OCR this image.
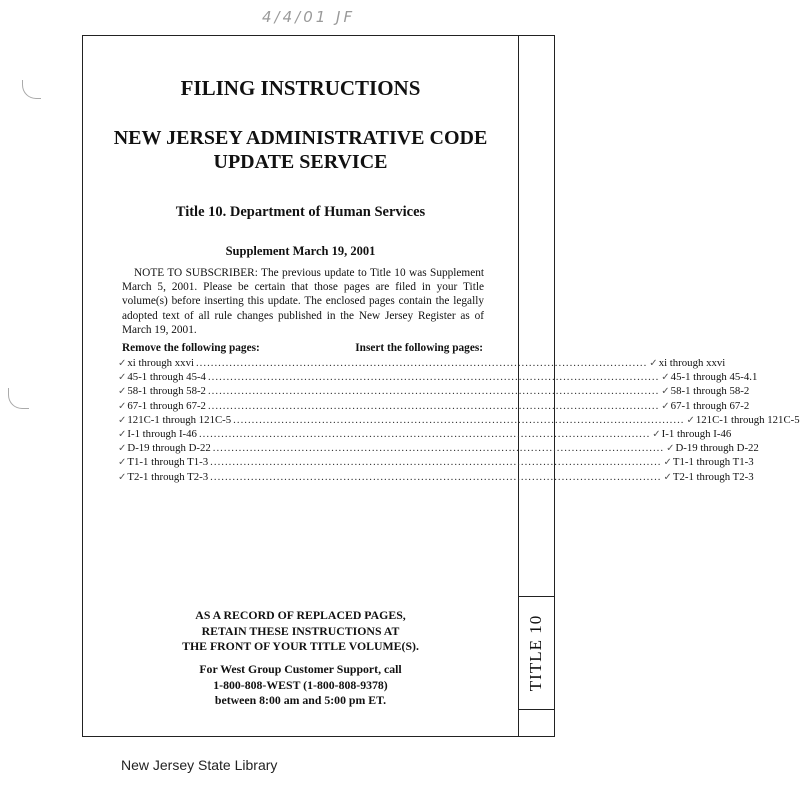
4/4/01 JF
TITLE 10
FILING INSTRUCTIONS
NEW JERSEY ADMINISTRATIVE CODE
UPDATE SERVICE
Title 10. Department of Human Services
Supplement March 19, 2001
NOTE TO SUBSCRIBER: The previous update to Title 10 was Supplement March 5, 2001. Please be certain that those pages are filed in your Title volume(s) before inserting this update. The enclosed pages contain the legally adopted text of all rule changes published in the New Jersey Register as of March 19, 2001.
Remove the following pages:	Insert the following pages:
✓xi through xxvi .......................................................................................................................... ✓xi through xxvi
✓45-1 through 45-4 .......................................................................................................................... ✓45-1 through 45-4.1
✓58-1 through 58-2 .......................................................................................................................... ✓58-1 through 58-2
✓67-1 through 67-2 .......................................................................................................................... ✓67-1 through 67-2
✓121C-1 through 121C-5 .......................................................................................................................... ✓121C-1 through 121C-5
✓I-1 through I-46 .......................................................................................................................... ✓I-1 through I-46
✓D-19 through D-22 .......................................................................................................................... ✓D-19 through D-22
✓T1-1 through T1-3 .......................................................................................................................... ✓T1-1 through T1-3
✓T2-1 through T2-3 .......................................................................................................................... ✓T2-1 through T2-3
AS A RECORD OF REPLACED PAGES,
RETAIN THESE INSTRUCTIONS AT
THE FRONT OF YOUR TITLE VOLUME(S).
For West Group Customer Support, call
1-800-808-WEST (1-800-808-9378)
between 8:00 am and 5:00 pm ET.
New Jersey State Library
